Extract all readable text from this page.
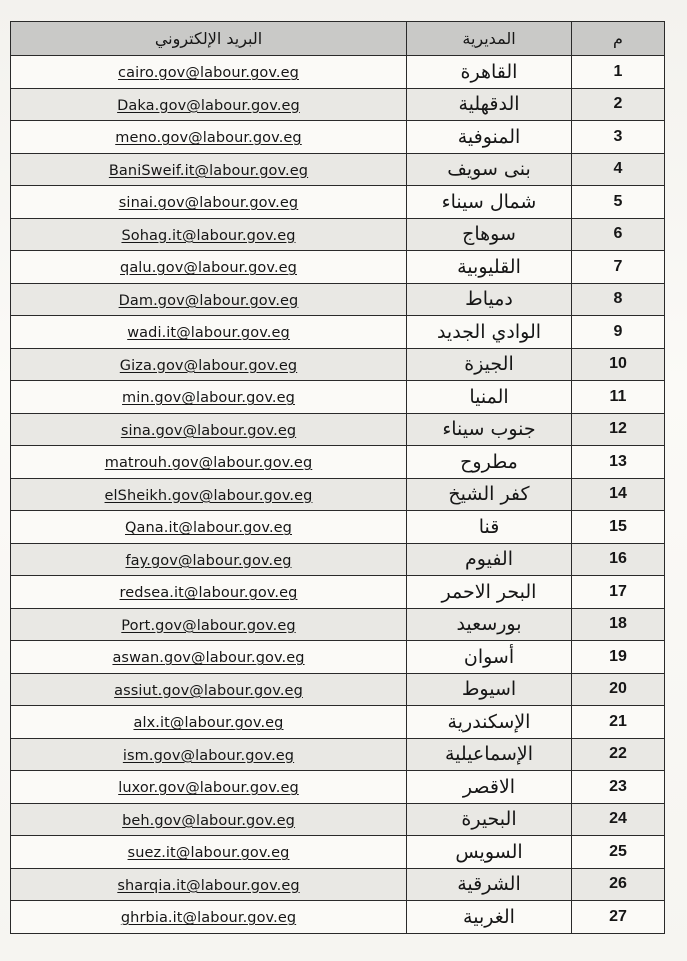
البريد الإلكتروني	المديرية	م
cairo.gov@labour.gov.eg	القاهرة	1
Daka.gov@labour.gov.eg	الدقهلية	2
meno.gov@labour.gov.eg	المنوفية	3
BaniSweif.it@labour.gov.eg	بنى سويف	4
sinai.gov@labour.gov.eg	شمال سيناء	5
Sohag.it@labour.gov.eg	سوهاج	6
qalu.gov@labour.gov.eg	القليوبية	7
Dam.gov@labour.gov.eg	دمياط	8
wadi.it@labour.gov.eg	الوادي الجديد	9
Giza.gov@labour.gov.eg	الجيزة	10
min.gov@labour.gov.eg	المنيا	11
sina.gov@labour.gov.eg	جنوب سيناء	12
matrouh.gov@labour.gov.eg	مطروح	13
elSheikh.gov@labour.gov.eg	كفر الشيخ	14
Qana.it@labour.gov.eg	قنا	15
fay.gov@labour.gov.eg	الفيوم	16
redsea.it@labour.gov.eg	البحر الاحمر	17
Port.gov@labour.gov.eg	بورسعيد	18
aswan.gov@labour.gov.eg	أسوان	19
assiut.gov@labour.gov.eg	اسيوط	20
alx.it@labour.gov.eg	الإسكندرية	21
ism.gov@labour.gov.eg	الإسماعيلية	22
luxor.gov@labour.gov.eg	الاقصر	23
beh.gov@labour.gov.eg	البحيرة	24
suez.it@labour.gov.eg	السويس	25
sharqia.it@labour.gov.eg	الشرقية	26
ghrbia.it@labour.gov.eg	الغربية	27
